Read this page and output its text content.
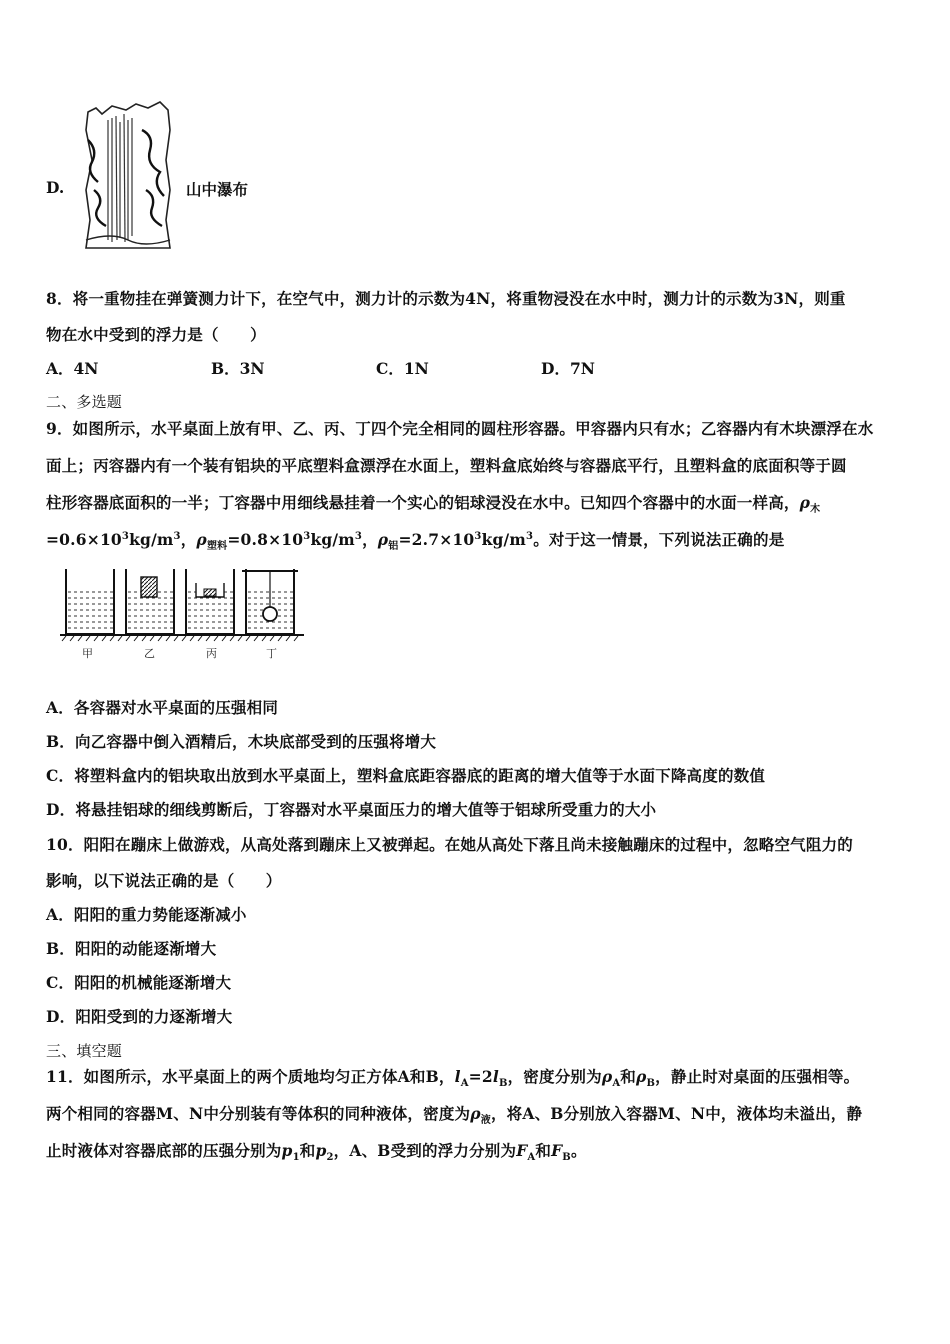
D.	山中瀑布
8．将一重物挂在弹簧测力计下，在空气中，测力计的示数为4N，将重物浸没在水中时，测力计的示数为3N，则重
物在水中受到的浮力是（　　）
A．4N	B．3N	C．1N	D．7N
二、多选题
9．如图所示，水平桌面上放有甲、乙、丙、丁四个完全相同的圆柱形容器。甲容器内只有水；乙容器内有木块漂浮在水
面上；丙容器内有一个装有铝块的平底塑料盒漂浮在水面上，塑料盒底始终与容器底平行，且塑料盒的底面积等于圆
柱形容器底面积的一半；丁容器中用细线悬挂着一个实心的铝球浸没在水中。已知四个容器中的水面一样高，$\rho_木$
$=0.6\times 10^3kg/m^3$，$\rho_{塑料}=0.8\times 10^3kg/m^3$，$\rho_铝=2.7\times 10^3kg/m^3$。对于这一情景，下列说法正确的是
甲	乙	丙	丁
A．各容器对水平桌面的压强相同
B．向乙容器中倒入酒精后，木块底部受到的压强将增大
C．将塑料盒内的铝块取出放到水平桌面上，塑料盒底距容器底的距离的增大值等于水面下降高度的数值
D．将悬挂铝球的细线剪断后，丁容器对水平桌面压力的增大值等于铝球所受重力的大小
10．阳阳在蹦床上做游戏，从高处落到蹦床上又被弹起。在她从高处下落且尚未接触蹦床的过程中，忽略空气阻力的
影响，以下说法正确的是（　　）
A．阳阳的重力势能逐渐减小
B．阳阳的动能逐渐增大
C．阳阳的机械能逐渐增大
D．阳阳受到的力逐渐增大
三、填空题
11．如图所示，水平桌面上的两个质地均匀正方体A和B，$l_A=2l_B$，密度分别为$\rho_A$和$\rho_B$，静止时对桌面的压强相等。
两个相同的容器M、N中分别装有等体积的同种液体，密度为$\rho_液$，将A、B分别放入容器M、N中，液体均未溢出，静
止时液体对容器底部的压强分别为$p_1$和$p_2$，A、B受到的浮力分别为$F_A$和$F_B$。
